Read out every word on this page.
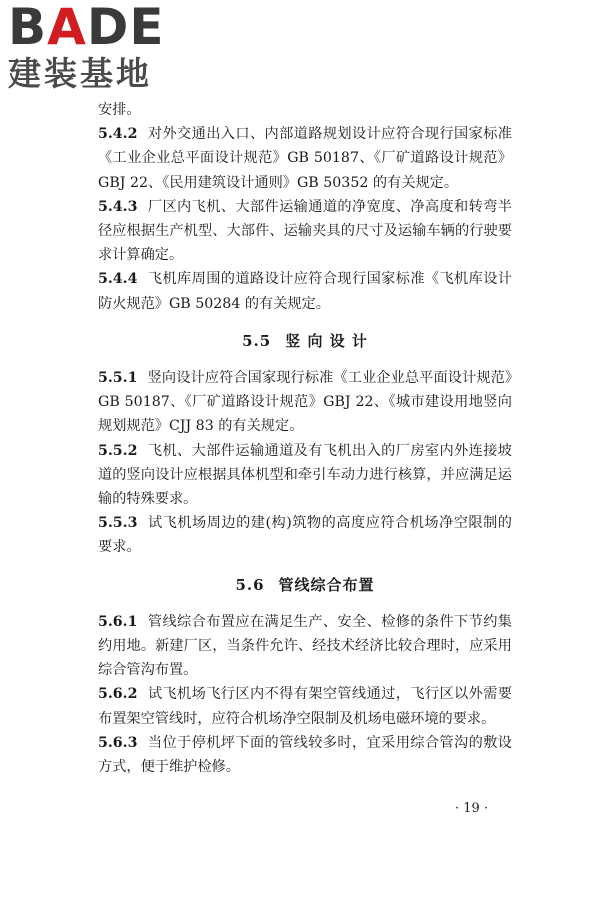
B A D E
建装基地

安排。

5.4.2 对外交通出入口、内部道路规划设计应符合现行国家标准《工业企业总平面设计规范》GB 50187、《厂矿道路设计规范》GBJ 22、《民用建筑设计通则》GB 50352 的有关规定。

5.4.3 厂区内飞机、大部件运输通道的净宽度、净高度和转弯半径应根据生产机型、大部件、运输夹具的尺寸及运输车辆的行驶要求计算确定。

5.4.4 飞机库周围的道路设计应符合现行国家标准《飞机库设计防火规范》GB 50284 的有关规定。

5.5 竖 向 设 计

5.5.1 竖向设计应符合国家现行标准《工业企业总平面设计规范》GB 50187、《厂矿道路设计规范》GBJ 22、《城市建设用地竖向规划规范》CJJ 83 的有关规定。

5.5.2 飞机、大部件运输通道及有飞机出入的厂房室内外连接坡道的竖向设计应根据具体机型和牵引车动力进行核算，并应满足运输的特殊要求。

5.5.3 试飞机场周边的建(构)筑物的高度应符合机场净空限制的要求。

5.6 管线综合布置

5.6.1 管线综合布置应在满足生产、安全、检修的条件下节约集约用地。新建厂区，当条件允许、经技术经济比较合理时，应采用综合管沟布置。

5.6.2 试飞机场飞行区内不得有架空管线通过，飞行区以外需要布置架空管线时，应符合机场净空限制及机场电磁环境的要求。

5.6.3 当位于停机坪下面的管线较多时，宜采用综合管沟的敷设方式，便于维护检修。

· 19 ·
